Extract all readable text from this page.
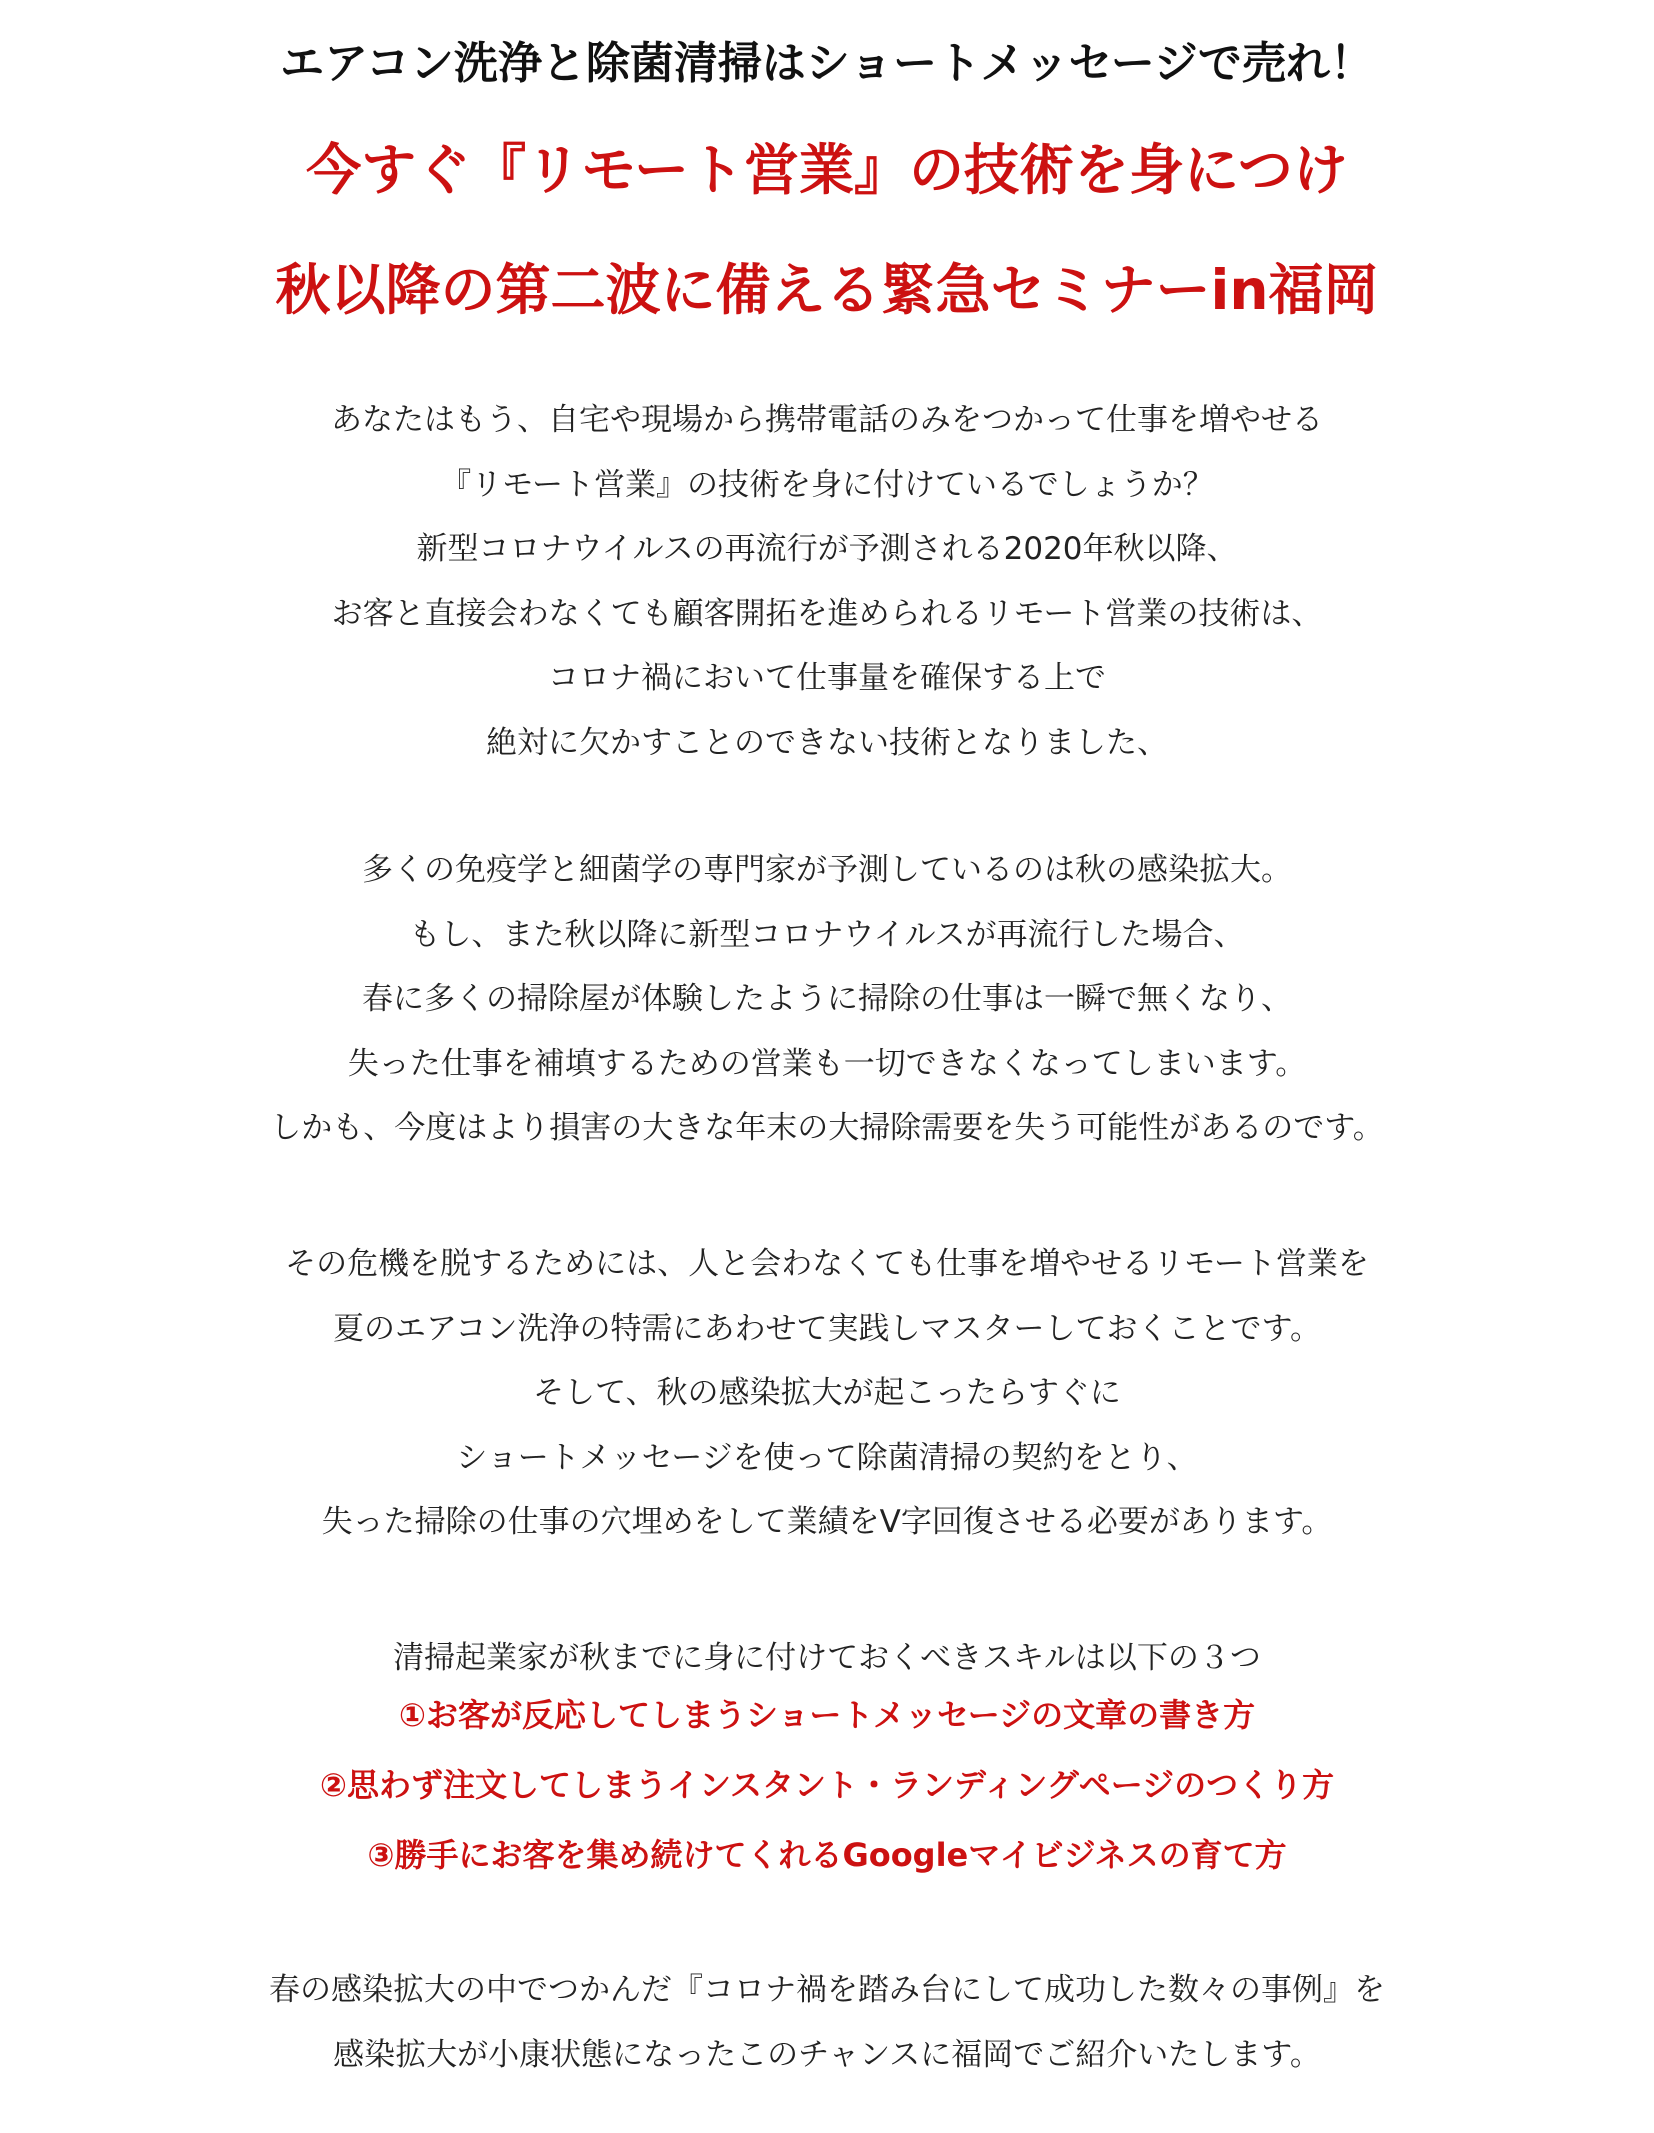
エアコン洗浄と除菌清掃はショートメッセージで売れ！
今すぐ『リモート営業』の技術を身につけ
秋以降の第二波に備える緊急セミナーin福岡
あなたはもう、自宅や現場から携帯電話のみをつかって仕事を増やせる
『リモート営業』の技術を身に付けているでしょうか？
新型コロナウイルスの再流行が予測される2020年秋以降、
お客と直接会わなくても顧客開拓を進められるリモート営業の技術は、
コロナ禍において仕事量を確保する上で
絶対に欠かすことのできない技術となりました、
多くの免疫学と細菌学の専門家が予測しているのは秋の感染拡大。
もし、また秋以降に新型コロナウイルスが再流行した場合、
春に多くの掃除屋が体験したように掃除の仕事は一瞬で無くなり、
失った仕事を補填するための営業も一切できなくなってしまいます。
しかも、今度はより損害の大きな年末の大掃除需要を失う可能性があるのです。
その危機を脱するためには、人と会わなくても仕事を増やせるリモート営業を
夏のエアコン洗浄の特需にあわせて実践しマスターしておくことです。
そして、秋の感染拡大が起こったらすぐに
ショートメッセージを使って除菌清掃の契約をとり、
失った掃除の仕事の穴埋めをして業績をV字回復させる必要があります。
清掃起業家が秋までに身に付けておくべきスキルは以下の３つ
①お客が反応してしまうショートメッセージの文章の書き方
②思わず注文してしまうインスタント・ランディングページのつくり方
③勝手にお客を集め続けてくれるGoogleマイビジネスの育て方
春の感染拡大の中でつかんだ『コロナ禍を踏み台にして成功した数々の事例』を
感染拡大が小康状態になったこのチャンスに福岡でご紹介いたします。
